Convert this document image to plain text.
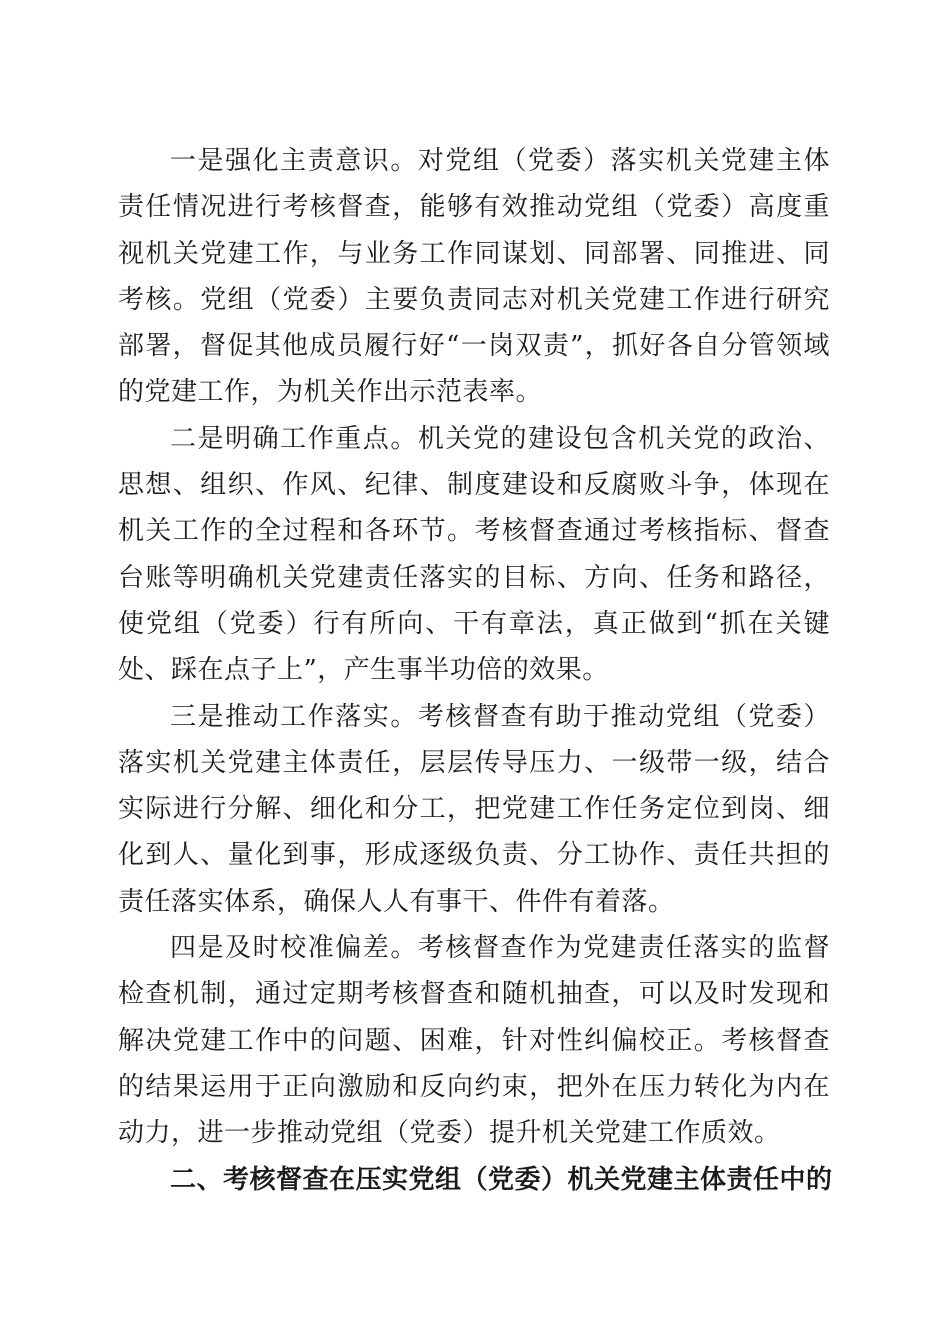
一是强化主责意识。对党组（党委）落实机关党建主体责任情况进行考核督查，能够有效推动党组（党委）高度重视机关党建工作，与业务工作同谋划、同部署、同推进、同考核。党组（党委）主要负责同志对机关党建工作进行研究部署，督促其他成员履行好“一岗双责”，抓好各自分管领域的党建工作，为机关作出示范表率。

二是明确工作重点。机关党的建设包含机关党的政治、思想、组织、作风、纪律、制度建设和反腐败斗争，体现在机关工作的全过程和各环节。考核督查通过考核指标、督查台账等明确机关党建责任落实的目标、方向、任务和路径，使党组（党委）行有所向、干有章法，真正做到“抓在关键处、踩在点子上”，产生事半功倍的效果。

三是推动工作落实。考核督查有助于推动党组（党委）落实机关党建主体责任，层层传导压力、一级带一级，结合实际进行分解、细化和分工，把党建工作任务定位到岗、细化到人、量化到事，形成逐级负责、分工协作、责任共担的责任落实体系，确保人人有事干、件件有着落。

四是及时校准偏差。考核督查作为党建责任落实的监督检查机制，通过定期考核督查和随机抽查，可以及时发现和解决党建工作中的问题、困难，针对性纠偏校正。考核督查的结果运用于正向激励和反向约束，把外在压力转化为内在动力，进一步推动党组（党委）提升机关党建工作质效。

二、考核督查在压实党组（党委）机关党建主体责任中的
